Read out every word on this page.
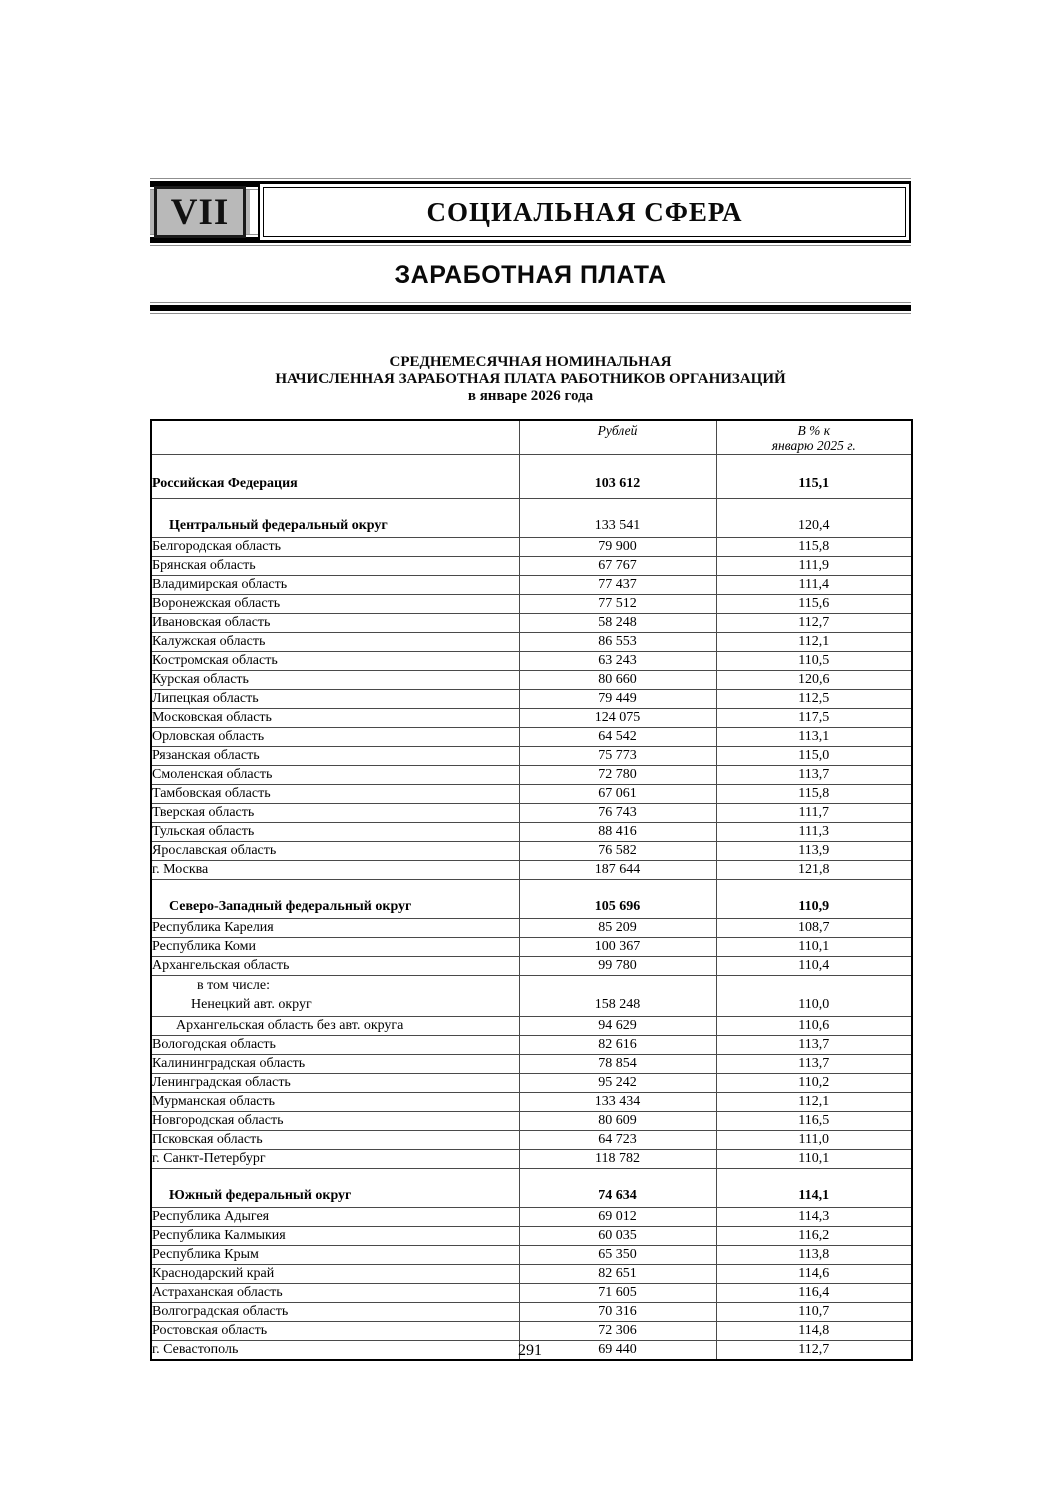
VII	СОЦИАЛЬНАЯ СФЕРА
ЗАРАБОТНАЯ ПЛАТА
СРЕДНЕМЕСЯЧНАЯ НОМИНАЛЬНАЯ
НАЧИСЛЕННАЯ ЗАРАБОТНАЯ ПЛАТА РАБОТНИКОВ ОРГАНИЗАЦИЙ
в январе 2026 года
	Рублей	В % к
январю 2025 г.

Российская Федерация	103 612	115,1
Центральный федеральный округ	133 541	120,4
Белгородская область	79 900	115,8
Брянская область	67 767	111,9
Владимирская область	77 437	111,4
Воронежская область	77 512	115,6
Ивановская область	58 248	112,7
Калужская область	86 553	112,1
Костромская область	63 243	110,5
Курская область	80 660	120,6
Липецкая область	79 449	112,5
Московская область	124 075	117,5
Орловская область	64 542	113,1
Рязанская область	75 773	115,0
Смоленская область	72 780	113,7
Тамбовская область	67 061	115,8
Тверская область	76 743	111,7
Тульская область	88 416	111,3
Ярославская область	76 582	113,9
г. Москва	187 644	121,8
Северо-Западный федеральный округ	105 696	110,9
Республика Карелия	85 209	108,7
Республика Коми	100 367	110,1
Архангельская область	99 780	110,4

в том числе:
Ненецкий авт. округ	158 248	110,0
Архангельская область без авт. округа	94 629	110,6
Вологодская область	82 616	113,7
Калининградская область	78 854	113,7
Ленинградская область	95 242	110,2
Мурманская область	133 434	112,1
Новгородская область	80 609	116,5
Псковская область	64 723	111,0
г. Санкт-Петербург	118 782	110,1
Южный федеральный округ	74 634	114,1
Республика Адыгея	69 012	114,3
Республика Калмыкия	60 035	116,2
Республика Крым	65 350	113,8
Краснодарский край	82 651	114,6
Астраханская область	71 605	116,4
Волгоградская область	70 316	110,7
Ростовская область	72 306	114,8
г. Севастополь	69 440	112,7
291
